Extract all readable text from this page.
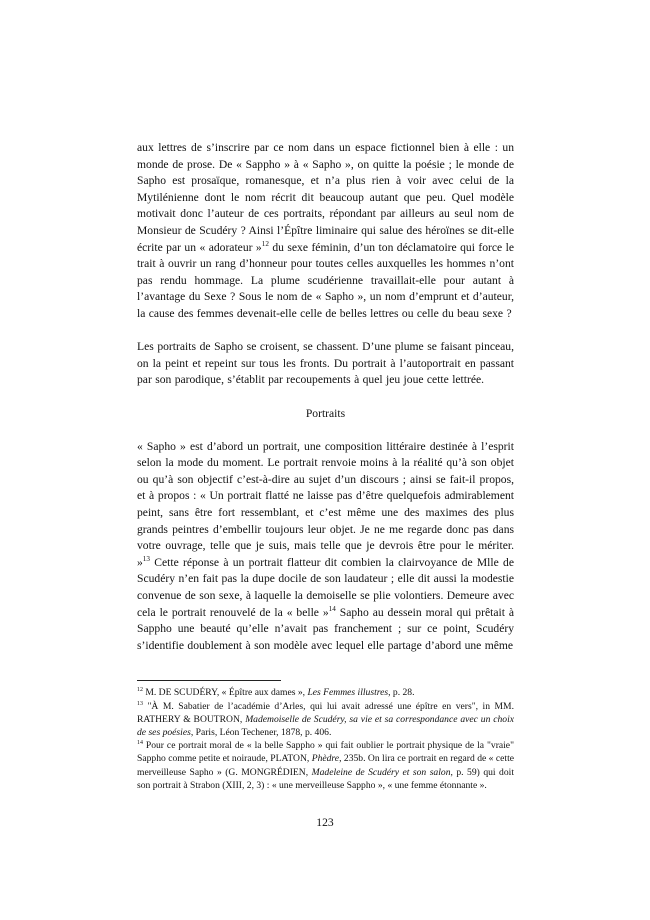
aux lettres de s’inscrire par ce nom dans un espace fictionnel bien à elle : un monde de prose. De « Sappho » à « Sapho », on quitte la poésie ; le monde de Sapho est prosaïque, romanesque, et n’a plus rien à voir avec celui de la Mytilénienne dont le nom récrit dit beaucoup autant que peu. Quel modèle motivait donc l’auteur de ces portraits, répondant par ailleurs au seul nom de Monsieur de Scudéry ? Ainsi l’Épître liminaire qui salue des héroïnes se dit-elle écrite par un « adorateur »$^{12}$ du sexe féminin, d’un ton déclamatoire qui force le trait à ouvrir un rang d’honneur pour toutes celles auxquelles les hommes n’ont pas rendu hommage. La plume scudérienne travaillait-elle pour autant à l’avantage du Sexe ? Sous le nom de « Sapho », un nom d’emprunt et d’auteur, la cause des femmes devenait-elle celle de belles lettres ou celle du beau sexe ?

Les portraits de Sapho se croisent, se chassent. D’une plume se faisant pinceau, on la peint et repeint sur tous les fronts. Du portrait à l’autoportrait en passant par son parodique, s’établit par recoupements à quel jeu joue cette lettrée.

Portraits

« Sapho » est d’abord un portrait, une composition littéraire destinée à l’esprit selon la mode du moment. Le portrait renvoie moins à la réalité qu’à son objet ou qu’à son objectif c’est-à-dire au sujet d’un discours ; ainsi se fait-il propos, et à propos : « Un portrait flatté ne laisse pas d’être quelquefois admirablement peint, sans être fort ressemblant, et c’est même une des maximes des plus grands peintres d’embellir toujours leur objet. Je ne me regarde donc pas dans votre ouvrage, telle que je suis, mais telle que je devrois être pour le mériter. »$^{13}$ Cette réponse à un portrait flatteur dit combien la clairvoyance de Mlle de Scudéry n’en fait pas la dupe docile de son laudateur ; elle dit aussi la modestie convenue de son sexe, à laquelle la demoiselle se plie volontiers. Demeure avec cela le portrait renouvelé de la « belle »$^{14}$ Sapho au dessein moral qui prêtait à Sappho une beauté qu’elle n’avait pas franchement ; sur ce point, Scudéry s’identifie doublement à son modèle avec lequel elle partage d’abord une même

$^{12}$ M. DE SCUDÉRY, « Épître aux dames », Les Femmes illustres, p. 28.

$^{13}$ "À M. Sabatier de l’académie d’Arles, qui lui avait adressé une épître en vers", in MM. RATHERY & BOUTRON, Mademoiselle de Scudéry, sa vie et sa correspondance avec un choix de ses poésies, Paris, Léon Techener, 1878, p. 406.

$^{14}$ Pour ce portrait moral de « la belle Sappho » qui fait oublier le portrait physique de la "vraie" Sappho comme petite et noiraude, PLATON, Phèdre, 235b. On lira ce portrait en regard de « cette merveilleuse Sapho » (G. MONGRÉDIEN, Madeleine de Scudéry et son salon, p. 59) qui doit son portrait à Strabon (XIII, 2, 3) : « une merveilleuse Sappho », « une femme étonnante ».

123
